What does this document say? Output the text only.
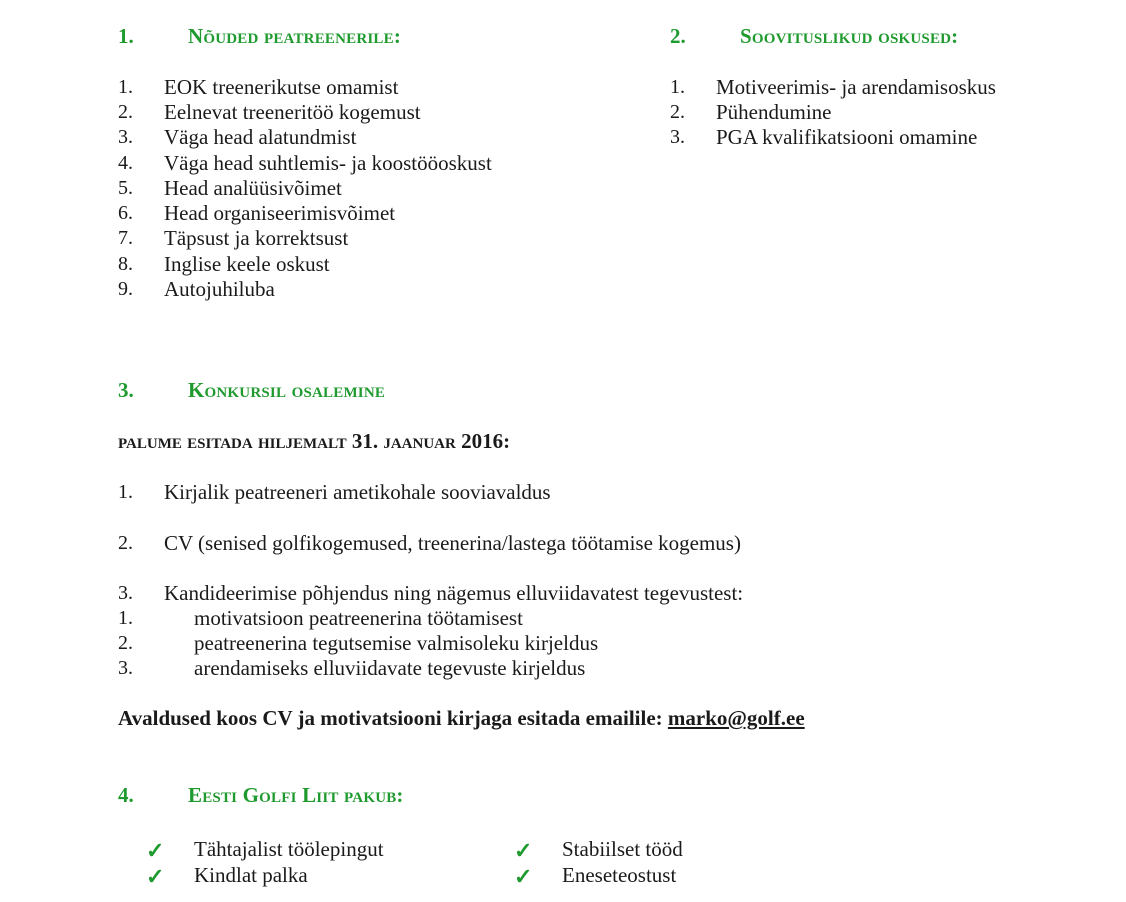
1.	Nõuded peatreenerile:
1. EOK treenerikutse omamist
2. Eelnevat treeneritöö kogemust
3. Väga head alatundmist
4. Väga head suhtlemis- ja koostööoskust
5. Head analüüsivõimet
6. Head organiseerimisvõimet
7. Täpsust ja korrektsust
8. Inglise keele oskust
9. Autojuhiluba
2.	Soovituslikud oskused:
1. Motiveerimis- ja arendamisoskus
2. Pühendumine
3. PGA kvalifikatsiooni omamine
3.	Konkursil osalemine
palume esitada hiljemalt 31. jaanuar 2016:
1. Kirjalik peatreeneri ametikohale sooviavaldus
2. CV (senised golfikogemused, treenerina/lastega töötamise kogemus)
3. Kandideerimise põhjendus ning nägemus elluviidavatest tegevustest:
1.	motivatsioon peatreenerina töötamisest
2.	peatreenerina tegutsemise valmisoleku kirjeldus
3.	arendamiseks elluviidavate tegevuste kirjeldus
Avaldused koos CV ja motivatsiooni kirjaga esitada emailile: marko@golf.ee
4.	Eesti Golfi Liit pakub:
✓ Tähtajalist töölepingut
✓ Kindlat palka
✓ Stabiilset tööd
✓ Eneseteostust
